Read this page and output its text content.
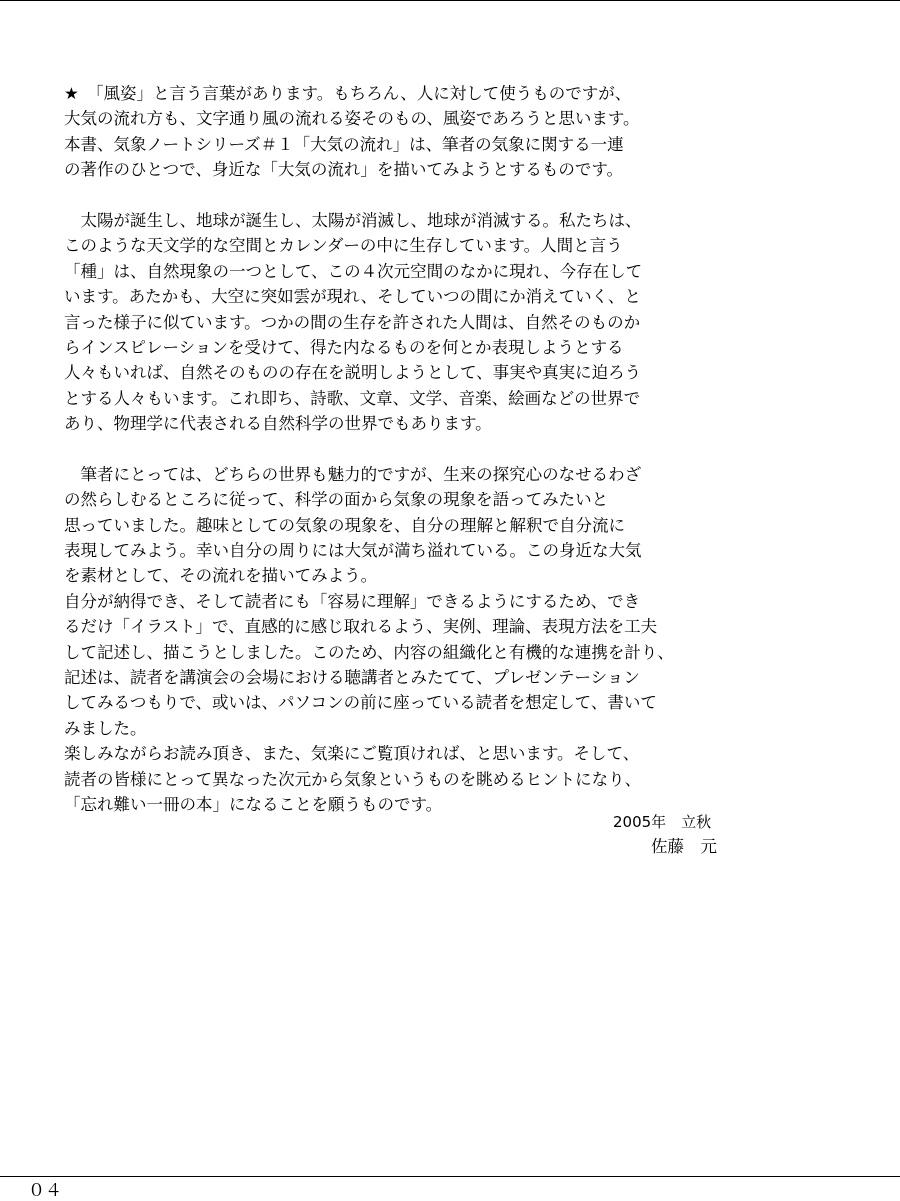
★　「風姿」と言う言葉があります。もちろん、人に対して使うものですが、
大気の流れ方も、文字通り風の流れる姿そのもの、風姿であろうと思います。
本書、気象ノートシリーズ＃１「大気の流れ」は、筆者の気象に関する一連
の著作のひとつで、身近な「大気の流れ」を描いてみようとするものです。
　太陽が誕生し、地球が誕生し、太陽が消滅し、地球が消滅する。私たちは、
このような天文学的な空間とカレンダーの中に生存しています。人間と言う
「種」は、自然現象の一つとして、この４次元空間のなかに現れ、今存在して
います。あたかも、大空に突如雲が現れ、そしていつの間にか消えていく、と
言った様子に似ています。つかの間の生存を許された人間は、自然そのものか
らインスピレーションを受けて、得た内なるものを何とか表現しようとする
人々もいれば、自然そのものの存在を説明しようとして、事実や真実に迫ろう
とする人々もいます。これ即ち、詩歌、文章、文学、音楽、絵画などの世界で
あり、物理学に代表される自然科学の世界でもあります。
　筆者にとっては、どちらの世界も魅力的ですが、生来の探究心のなせるわざ
の然らしむるところに従って、科学の面から気象の現象を語ってみたいと
思っていました。趣味としての気象の現象を、自分の理解と解釈で自分流に
表現してみよう。幸い自分の周りには大気が満ち溢れている。この身近な大気
を素材として、その流れを描いてみよう。
自分が納得でき、そして読者にも「容易に理解」できるようにするため、でき
るだけ「イラスト」で、直感的に感じ取れるよう、実例、理論、表現方法を工夫
して記述し、描こうとしました。このため、内容の組織化と有機的な連携を計り、
記述は、読者を講演会の会場における聴講者とみたてて、プレゼンテーション
してみるつもりで、或いは、パソコンの前に座っている読者を想定して、書いて
みました。
楽しみながらお読み頂き、また、気楽にご覧頂ければ、と思います。そして、
読者の皆様にとって異なった次元から気象というものを眺めるヒントになり、
「忘れ難い一冊の本」になることを願うものです。
2005年　立秋
佐藤　元
０４
